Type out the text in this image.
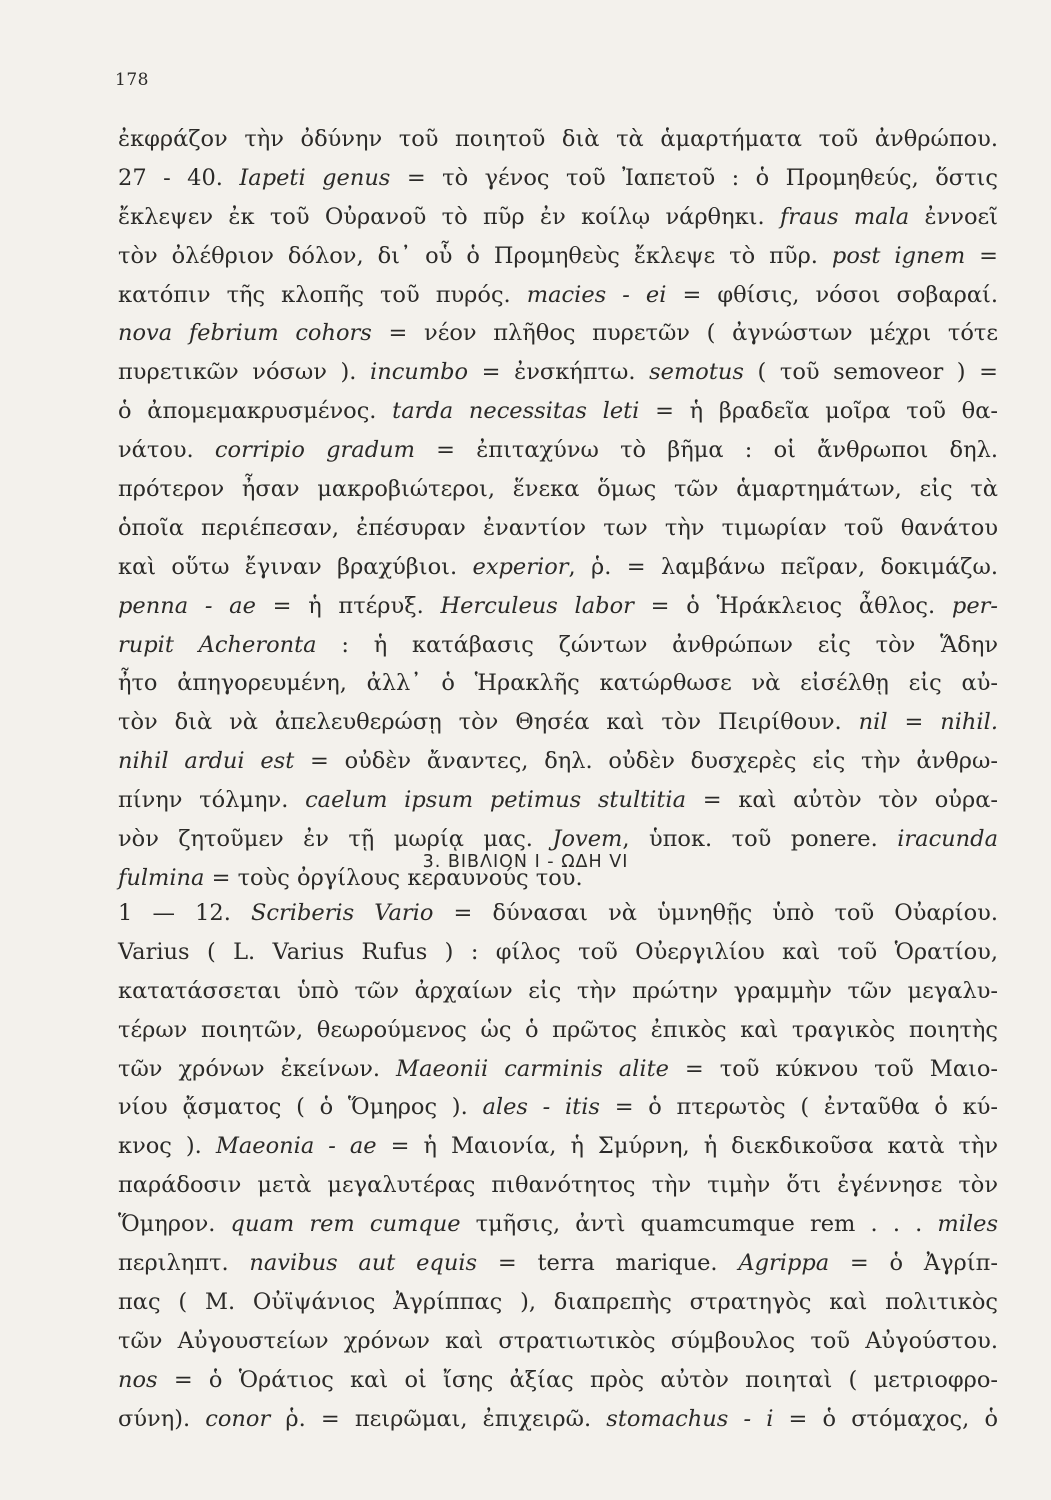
178
ἐκφράζον τὴν ὀδύνην τοῦ ποιητοῦ διὰ τὰ ἁμαρτήματα τοῦ ἀνθρώπου.
27 - 40. Iapeti genus = τὸ γένος τοῦ Ἰαπετοῦ : ὁ Προμηθεύς, ὅστις
ἔκλεψεν ἐκ τοῦ Οὐρανοῦ τὸ πῦρ ἐν κοίλῳ νάρθηκι. fraus mala ἐννοεῖ
τὸν ὀλέθριον δόλον, δι᾽ οὗ ὁ Προμηθεὺς ἔκλεψε τὸ πῦρ. post ignem =
κατόπιν τῆς κλοπῆς τοῦ πυρός. macies - ei = φθίσις, νόσοι σοβαραί.
nova febrium cohors = νέον πλῆθος πυρετῶν ( ἀγνώστων μέχρι τότε
πυρετικῶν νόσων ). incumbo = ἐνσκήπτω. semotus ( τοῦ semoveor ) =
ὁ ἀπομεμακρυσμένος. tarda necessitas leti = ἡ βραδεῖα μοῖρα τοῦ θα-
νάτου. corripio gradum = ἐπιταχύνω τὸ βῆμα : οἱ ἄνθρωποι δηλ.
πρότερον ἦσαν μακροβιώτεροι, ἕνεκα ὅμως τῶν ἁμαρτημάτων, εἰς τὰ
ὁποῖα περιέπεσαν, ἐπέσυραν ἐναντίον των τὴν τιμωρίαν τοῦ θανάτου
καὶ οὕτω ἔγιναν βραχύβιοι. experior, ῥ. = λαμβάνω πεῖραν, δοκιμάζω.
penna - ae = ἡ πτέρυξ. Herculeus labor = ὁ Ἡράκλειος ἆθλος. per-
rupit Acheronta : ἡ κατάβασις ζώντων ἀνθρώπων εἰς τὸν Ἅδην
ἦτο ἀπηγορευμένη, ἀλλ᾽ ὁ Ἡρακλῆς κατώρθωσε νὰ εἰσέλθῃ εἰς αὐ-
τὸν διὰ νὰ ἀπελευθερώσῃ τὸν Θησέα καὶ τὸν Πειρίθουν. nil = nihil.
nihil ardui est = οὐδὲν ἄναντες, δηλ. οὐδὲν δυσχερὲς εἰς τὴν ἀνθρω-
πίνην τόλμην. caelum ipsum petimus stultitia = καὶ αὐτὸν τὸν οὐρα-
νὸν ζητοῦμεν ἐν τῇ μωρίᾳ μας. Jovem, ὑποκ. τοῦ ponere. iracunda
fulmina = τοὺς ὀργίλους κεραυνούς του.
3. ΒΙΒΛΙΟΝ Ι - ΩΔΗ VI
1 — 12. Scriberis Vario = δύνασαι νὰ ὑμνηθῇς ὑπὸ τοῦ Οὐαρίου.
Varius ( L. Varius Rufus ) : φίλος τοῦ Οὐεργιλίου καὶ τοῦ Ὁρατίου,
κατατάσσεται ὑπὸ τῶν ἀρχαίων εἰς τὴν πρώτην γραμμὴν τῶν μεγαλυ-
τέρων ποιητῶν, θεωρούμενος ὡς ὁ πρῶτος ἐπικὸς καὶ τραγικὸς ποιητὴς
τῶν χρόνων ἐκείνων. Maeonii carminis alite = τοῦ κύκνου τοῦ Μαιο-
νίου ᾄσματος ( ὁ Ὅμηρος ). ales - itis = ὁ πτερωτὸς ( ἐνταῦθα ὁ κύ-
κνος ). Maeonia - ae = ἡ Μαιονία, ἡ Σμύρνη, ἡ διεκδικοῦσα κατὰ τὴν
παράδοσιν μετὰ μεγαλυτέρας πιθανότητος τὴν τιμὴν ὅτι ἐγέννησε τὸν
Ὅμηρον. quam rem cumque τμῆσις, ἀντὶ quamcumque rem . . . miles
περιληπτ. navibus aut equis = terra marique. Agrippa = ὁ Ἀγρίπ-
πας ( M. Οὐϊψάνιος Ἀγρίππας ), διαπρεπὴς στρατηγὸς καὶ πολιτικὸς
τῶν Αὐγουστείων χρόνων καὶ στρατιωτικὸς σύμβουλος τοῦ Αὐγούστου.
nos = ὁ Ὁράτιος καὶ οἱ ἴσης ἀξίας πρὸς αὐτὸν ποιηταὶ ( μετριοφρο-
σύνη). conor ῥ. = πειρῶμαι, ἐπιχειρῶ. stomachus - i = ὁ στόμαχος, ὁ
